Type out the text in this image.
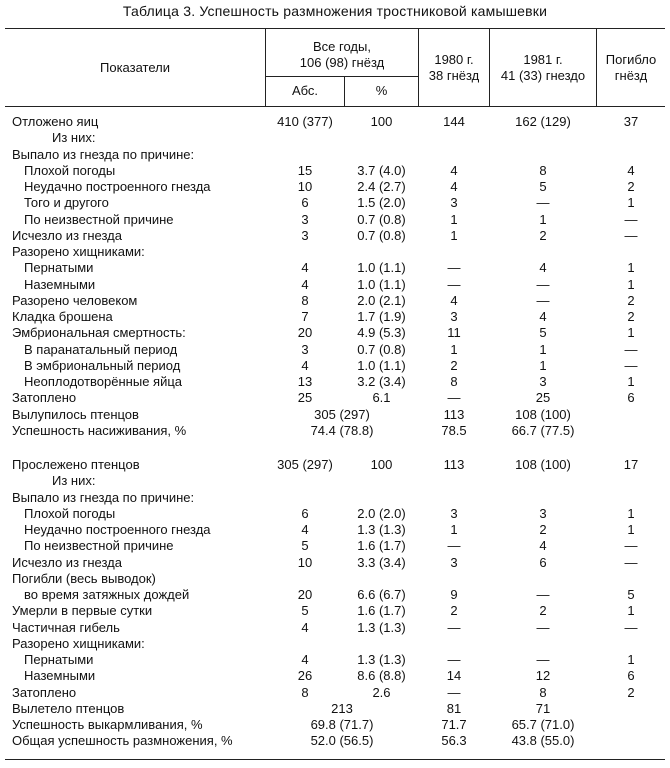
Таблица 3. Успешность размножения тростниковой камышевки
Показатели
Все годы,
106 (98) гнёзд
Абс.	%
1980 г.
38 гнёзд
1981 г.
41 (33) гнездо
Погибло
гнёзд
Отложено яиц	410 (377)	100	144	162 (129)	37
Из них:
Выпало из гнезда по причине:
Плохой погоды	15	3.7 (4.0)	4	8	4
Неудачно построенного гнезда	10	2.4 (2.7)	4	5	2
Того и другого	6	1.5 (2.0)	3	—	1
По неизвестной причине	3	0.7 (0.8)	1	1	—
Исчезло из гнезда	3	0.7 (0.8)	1	2	—
Разорено хищниками:
Пернатыми	4	1.0 (1.1)	—	4	1
Наземными	4	1.0 (1.1)	—	—	1
Разорено человеком	8	2.0 (2.1)	4	—	2
Кладка брошена	7	1.7 (1.9)	3	4	2
Эмбриональная смертность:	20	4.9 (5.3)	11	5	1
В паранатальный период	3	0.7 (0.8)	1	1	—
В эмбриональный период	4	1.0 (1.1)	2	1	—
Неоплодотворённые яйца	13	3.2 (3.4)	8	3	1
Затоплено	25	6.1	—	25	6
Вылупилось птенцов	305 (297)	113	108 (100)
Успешность насиживания, %	74.4 (78.8)	78.5	66.7 (77.5)
Прослежено птенцов	305 (297)	100	113	108 (100)	17
Из них:
Выпало из гнезда по причине:
Плохой погоды	6	2.0 (2.0)	3	3	1
Неудачно построенного гнезда	4	1.3 (1.3)	1	2	1
По неизвестной причине	5	1.6 (1.7)	—	4	—
Исчезло из гнезда	10	3.3 (3.4)	3	6	—
Погибли (весь выводок)
во время затяжных дождей	20	6.6 (6.7)	9	—	5
Умерли в первые сутки	5	1.6 (1.7)	2	2	1
Частичная гибель	4	1.3 (1.3)	—	—	—
Разорено хищниками:
Пернатыми	4	1.3 (1.3)	—	—	1
Наземными	26	8.6 (8.8)	14	12	6
Затоплено	8	2.6	—	8	2
Вылетело птенцов	213	81	71
Успешность выкармливания, %	69.8 (71.7)	71.7	65.7 (71.0)
Общая успешность размножения, %	52.0 (56.5)	56.3	43.8 (55.0)
